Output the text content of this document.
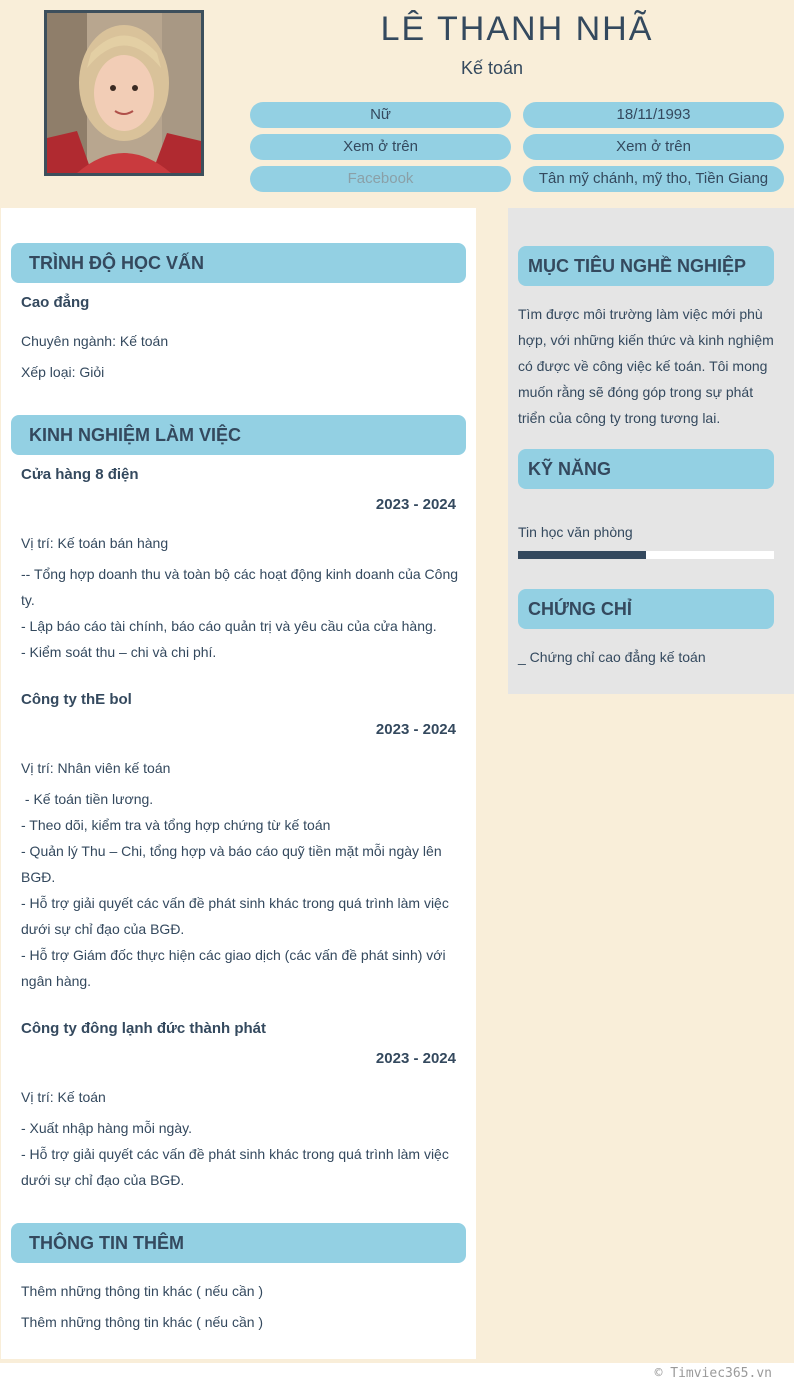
LÊ THANH NHÃ
Kế toán
Nữ	18/11/1993
Xem ở trên	Xem ở trên
Facebook	Tân mỹ chánh, mỹ tho, Tiền Giang
TRÌNH ĐỘ HỌC VẤN
Cao đẳng
Chuyên ngành: Kế toán
Xếp loại: Giỏi
KINH NGHIỆM LÀM VIỆC
Cửa hàng 8 điện
2023 - 2024
Vị trí: Kế toán bán hàng
-- Tổng hợp doanh thu và toàn bộ các hoạt động kinh doanh của Công ty.
- Lập báo cáo tài chính, báo cáo quản trị và yêu cầu của cửa hàng.
- Kiểm soát thu – chi và chi phí.
Công ty thE bol
2023 - 2024
Vị trí: Nhân viên kế toán
- Kế toán tiền lương.
- Theo dõi, kiểm tra và tổng hợp chứng từ kế toán
- Quản lý Thu – Chi, tổng hợp và báo cáo quỹ tiền mặt mỗi ngày lên BGĐ.
- Hỗ trợ giải quyết các vấn đề phát sinh khác trong quá trình làm việc dưới sự chỉ đạo của BGĐ.
- Hỗ trợ Giám đốc thực hiện các giao dịch (các vấn đề phát sinh) với ngân hàng.
Công ty đông lạnh đức thành phát
2023 - 2024
Vị trí: Kế toán
- Xuất nhập hàng mỗi ngày.
- Hỗ trợ giải quyết các vấn đề phát sinh khác trong quá trình làm việc dưới sự chỉ đạo của BGĐ.
THÔNG TIN THÊM
Thêm những thông tin khác ( nếu cần )
Thêm những thông tin khác ( nếu cần )
MỤC TIÊU NGHỀ NGHIỆP
Tìm được môi trường làm việc mới phù hợp, với những kiến thức và kinh nghiệm có được về công việc kế toán. Tôi mong muốn rằng sẽ đóng góp trong sự phát triển của công ty trong tương lai.
KỸ NĂNG
Tin học văn phòng
CHỨNG CHỈ
_ Chứng chỉ cao đẳng kế toán
© Timviec365.vn
